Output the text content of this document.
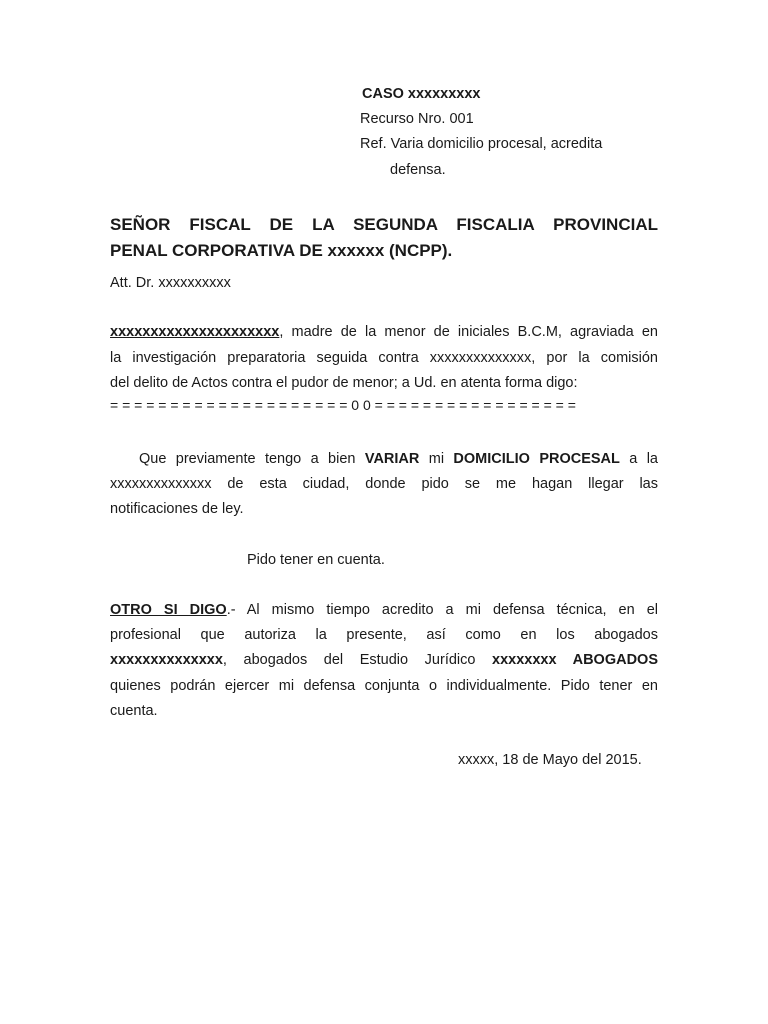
CASO xxxxxxxxx
Recurso Nro. 001
Ref. Varia domicilio procesal, acredita
defensa.
SEÑOR FISCAL DE LA SEGUNDA FISCALIA PROVINCIAL
PENAL CORPORATIVA DE xxxxxx (NCPP).
Att. Dr. xxxxxxxxxx
xxxxxxxxxxxxxxxxxxxxx, madre de la menor de iniciales B.C.M, agraviada en
la investigación preparatoria seguida contra xxxxxxxxxxxxxx, por la comisión
del delito de Actos contra el pudor de menor; a Ud. en atenta forma digo:
= = = = = = = = = = = = = = = = = = = = 0 0 = = = = = = = = = = = = = = = = =
Que previamente tengo a bien VARIAR mi DOMICILIO PROCESAL a la
xxxxxxxxxxxxxx de esta ciudad, donde pido se me hagan llegar las
notificaciones de ley.
Pido tener en cuenta.
OTRO SI DIGO.- Al mismo tiempo acredito a mi defensa técnica, en el
profesional que autoriza la presente, así como en los abogados
xxxxxxxxxxxxxx, abogados del Estudio Jurídico xxxxxxxx ABOGADOS
quienes podrán ejercer mi defensa conjunta o individualmente. Pido tener en
cuenta.
xxxxx, 18 de Mayo del 2015.
